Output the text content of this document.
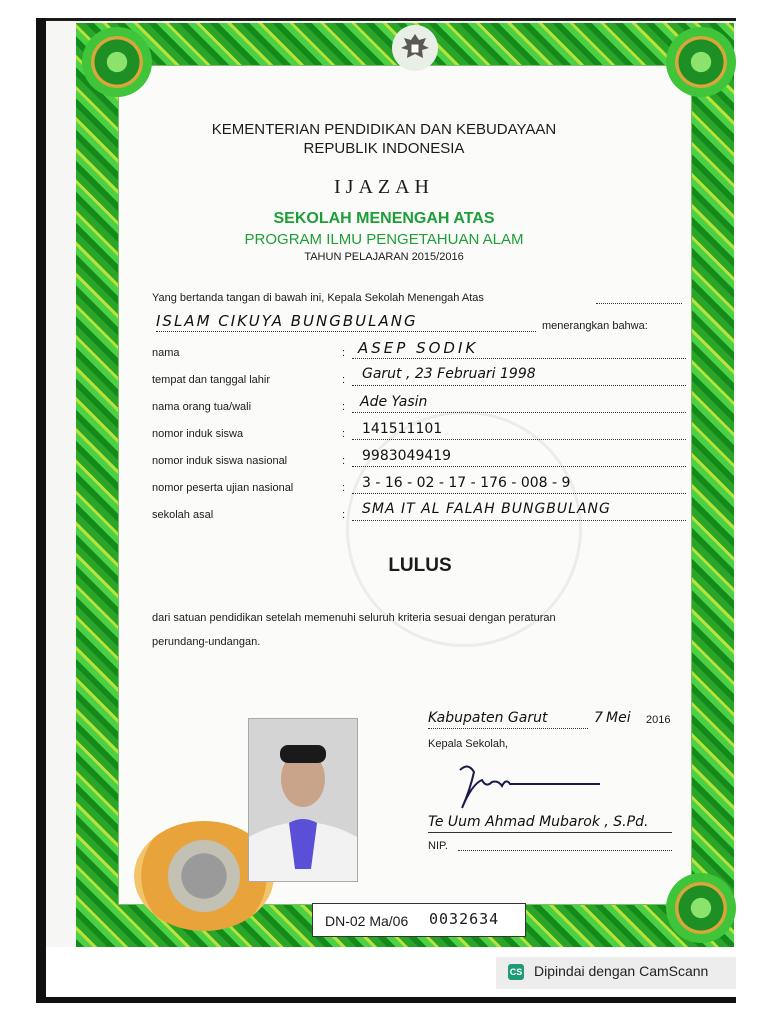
KEMENTERIAN PENDIDIKAN DAN KEBUDAYAAN
REPUBLIK INDONESIA
IJAZAH
SEKOLAH MENENGAH ATAS
PROGRAM ILMU PENGETAHUAN ALAM
TAHUN PELAJARAN 2015/2016
Yang bertanda tangan di bawah ini, Kepala Sekolah Menengah Atas
ISLAM CIKUYA BUNGBULANG	menerangkan bahwa:
nama	: ASEP SODIK
tempat dan tanggal lahir	: Garut , 23 Februari 1998
nama orang tua/wali	: Ade Yasin
nomor induk siswa	: 141511101
nomor induk siswa nasional	: 9983049419
nomor peserta ujian nasional	: 3 - 16 - 02 - 17 - 176 - 008 - 9
sekolah asal	: SMA IT AL FALAH BUNGBULANG
LULUS
dari satuan pendidikan setelah memenuhi seluruh kriteria sesuai dengan peraturan
perundang-undangan.
Kabupaten Garut	7 Mei 2016
Kepala Sekolah,
Te Uum Ahmad Mubarok , S.Pd.
NIP.
DN-02 Ma/06 0032634
CS Dipindai dengan CamScann
